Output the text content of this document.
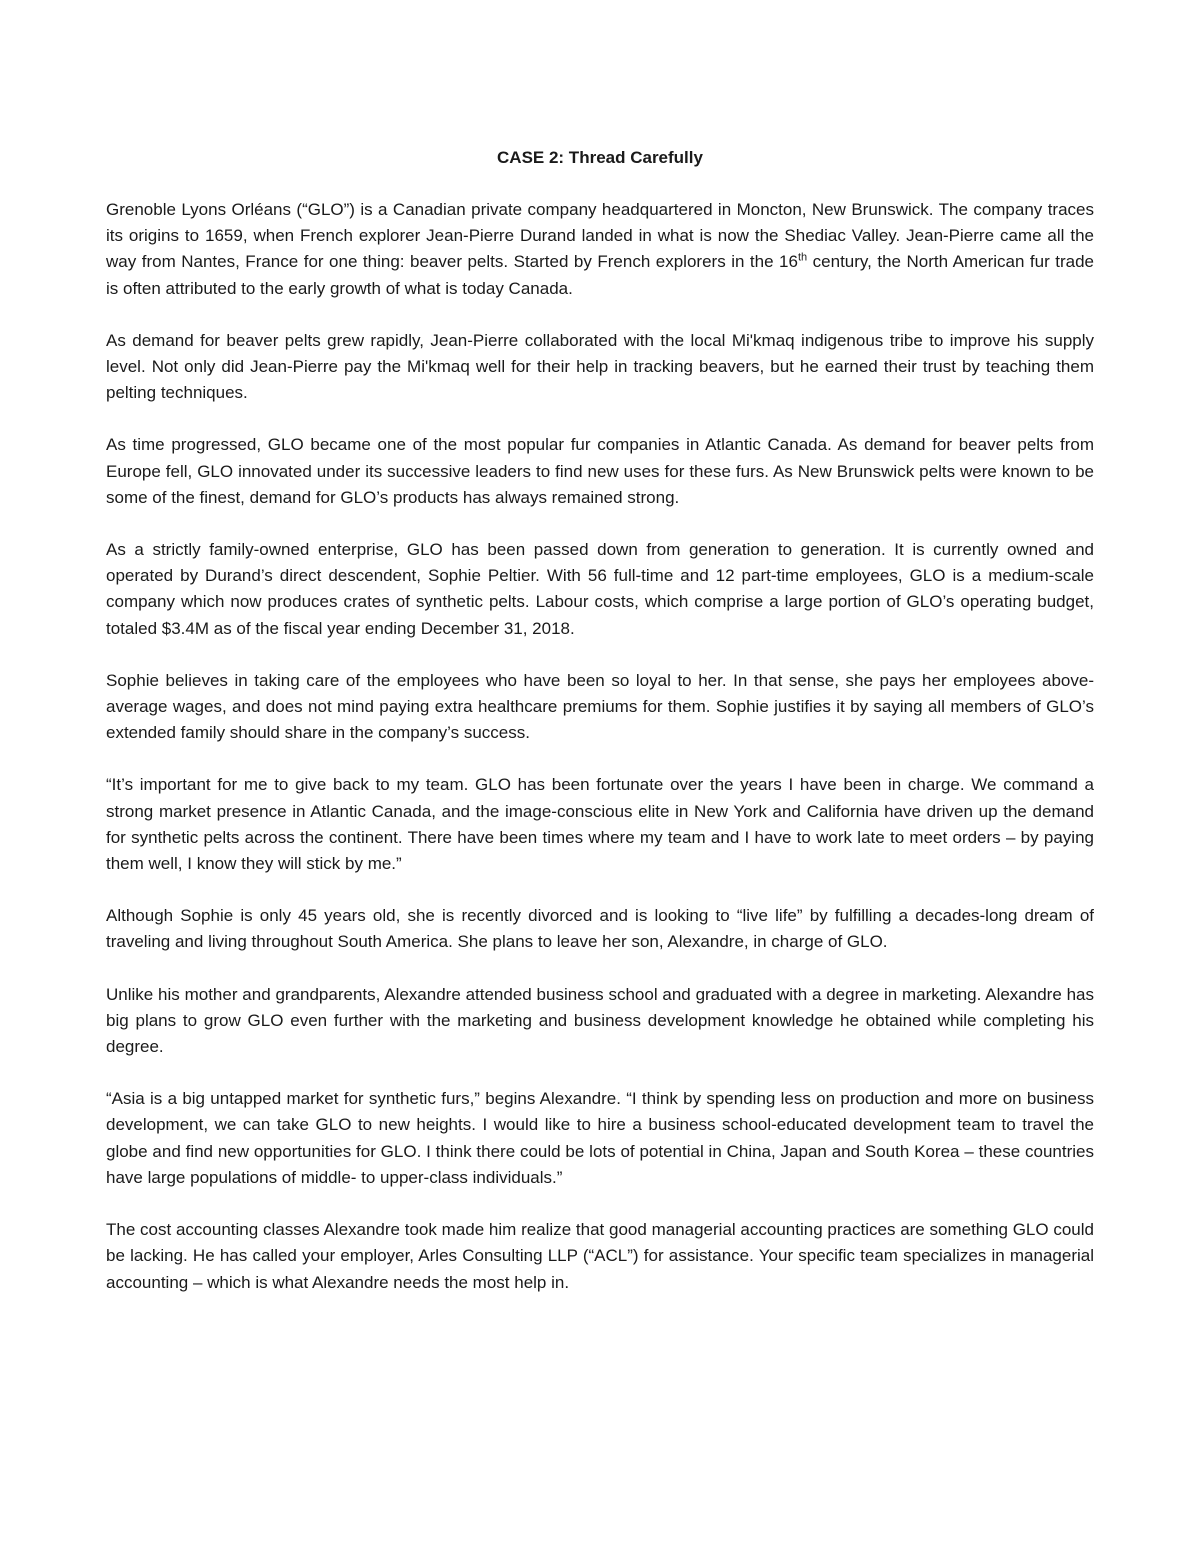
CASE 2: Thread Carefully

Grenoble Lyons Orléans (“GLO”) is a Canadian private company headquartered in Moncton, New Brunswick. The company traces its origins to 1659, when French explorer Jean-Pierre Durand landed in what is now the Shediac Valley. Jean-Pierre came all the way from Nantes, France for one thing: beaver pelts. Started by French explorers in the 16th century, the North American fur trade is often attributed to the early growth of what is today Canada.

As demand for beaver pelts grew rapidly, Jean-Pierre collaborated with the local Mi'kmaq indigenous tribe to improve his supply level. Not only did Jean-Pierre pay the Mi'kmaq well for their help in tracking beavers, but he earned their trust by teaching them pelting techniques.

As time progressed, GLO became one of the most popular fur companies in Atlantic Canada. As demand for beaver pelts from Europe fell, GLO innovated under its successive leaders to find new uses for these furs. As New Brunswick pelts were known to be some of the finest, demand for GLO’s products has always remained strong.

As a strictly family-owned enterprise, GLO has been passed down from generation to generation. It is currently owned and operated by Durand’s direct descendent, Sophie Peltier. With 56 full-time and 12 part-time employees, GLO is a medium-scale company which now produces crates of synthetic pelts. Labour costs, which comprise a large portion of GLO’s operating budget, totaled $3.4M as of the fiscal year ending December 31, 2018.

Sophie believes in taking care of the employees who have been so loyal to her. In that sense, she pays her employees above-average wages, and does not mind paying extra healthcare premiums for them. Sophie justifies it by saying all members of GLO’s extended family should share in the company’s success.

“It’s important for me to give back to my team. GLO has been fortunate over the years I have been in charge. We command a strong market presence in Atlantic Canada, and the image-conscious elite in New York and California have driven up the demand for synthetic pelts across the continent. There have been times where my team and I have to work late to meet orders – by paying them well, I know they will stick by me.”

Although Sophie is only 45 years old, she is recently divorced and is looking to “live life” by fulfilling a decades-long dream of traveling and living throughout South America. She plans to leave her son, Alexandre, in charge of GLO.

Unlike his mother and grandparents, Alexandre attended business school and graduated with a degree in marketing. Alexandre has big plans to grow GLO even further with the marketing and business development knowledge he obtained while completing his degree.

“Asia is a big untapped market for synthetic furs,” begins Alexandre. “I think by spending less on production and more on business development, we can take GLO to new heights. I would like to hire a business school-educated development team to travel the globe and find new opportunities for GLO. I think there could be lots of potential in China, Japan and South Korea – these countries have large populations of middle- to upper-class individuals.”

The cost accounting classes Alexandre took made him realize that good managerial accounting practices are something GLO could be lacking. He has called your employer, Arles Consulting LLP (“ACL”) for assistance. Your specific team specializes in managerial accounting – which is what Alexandre needs the most help in.
